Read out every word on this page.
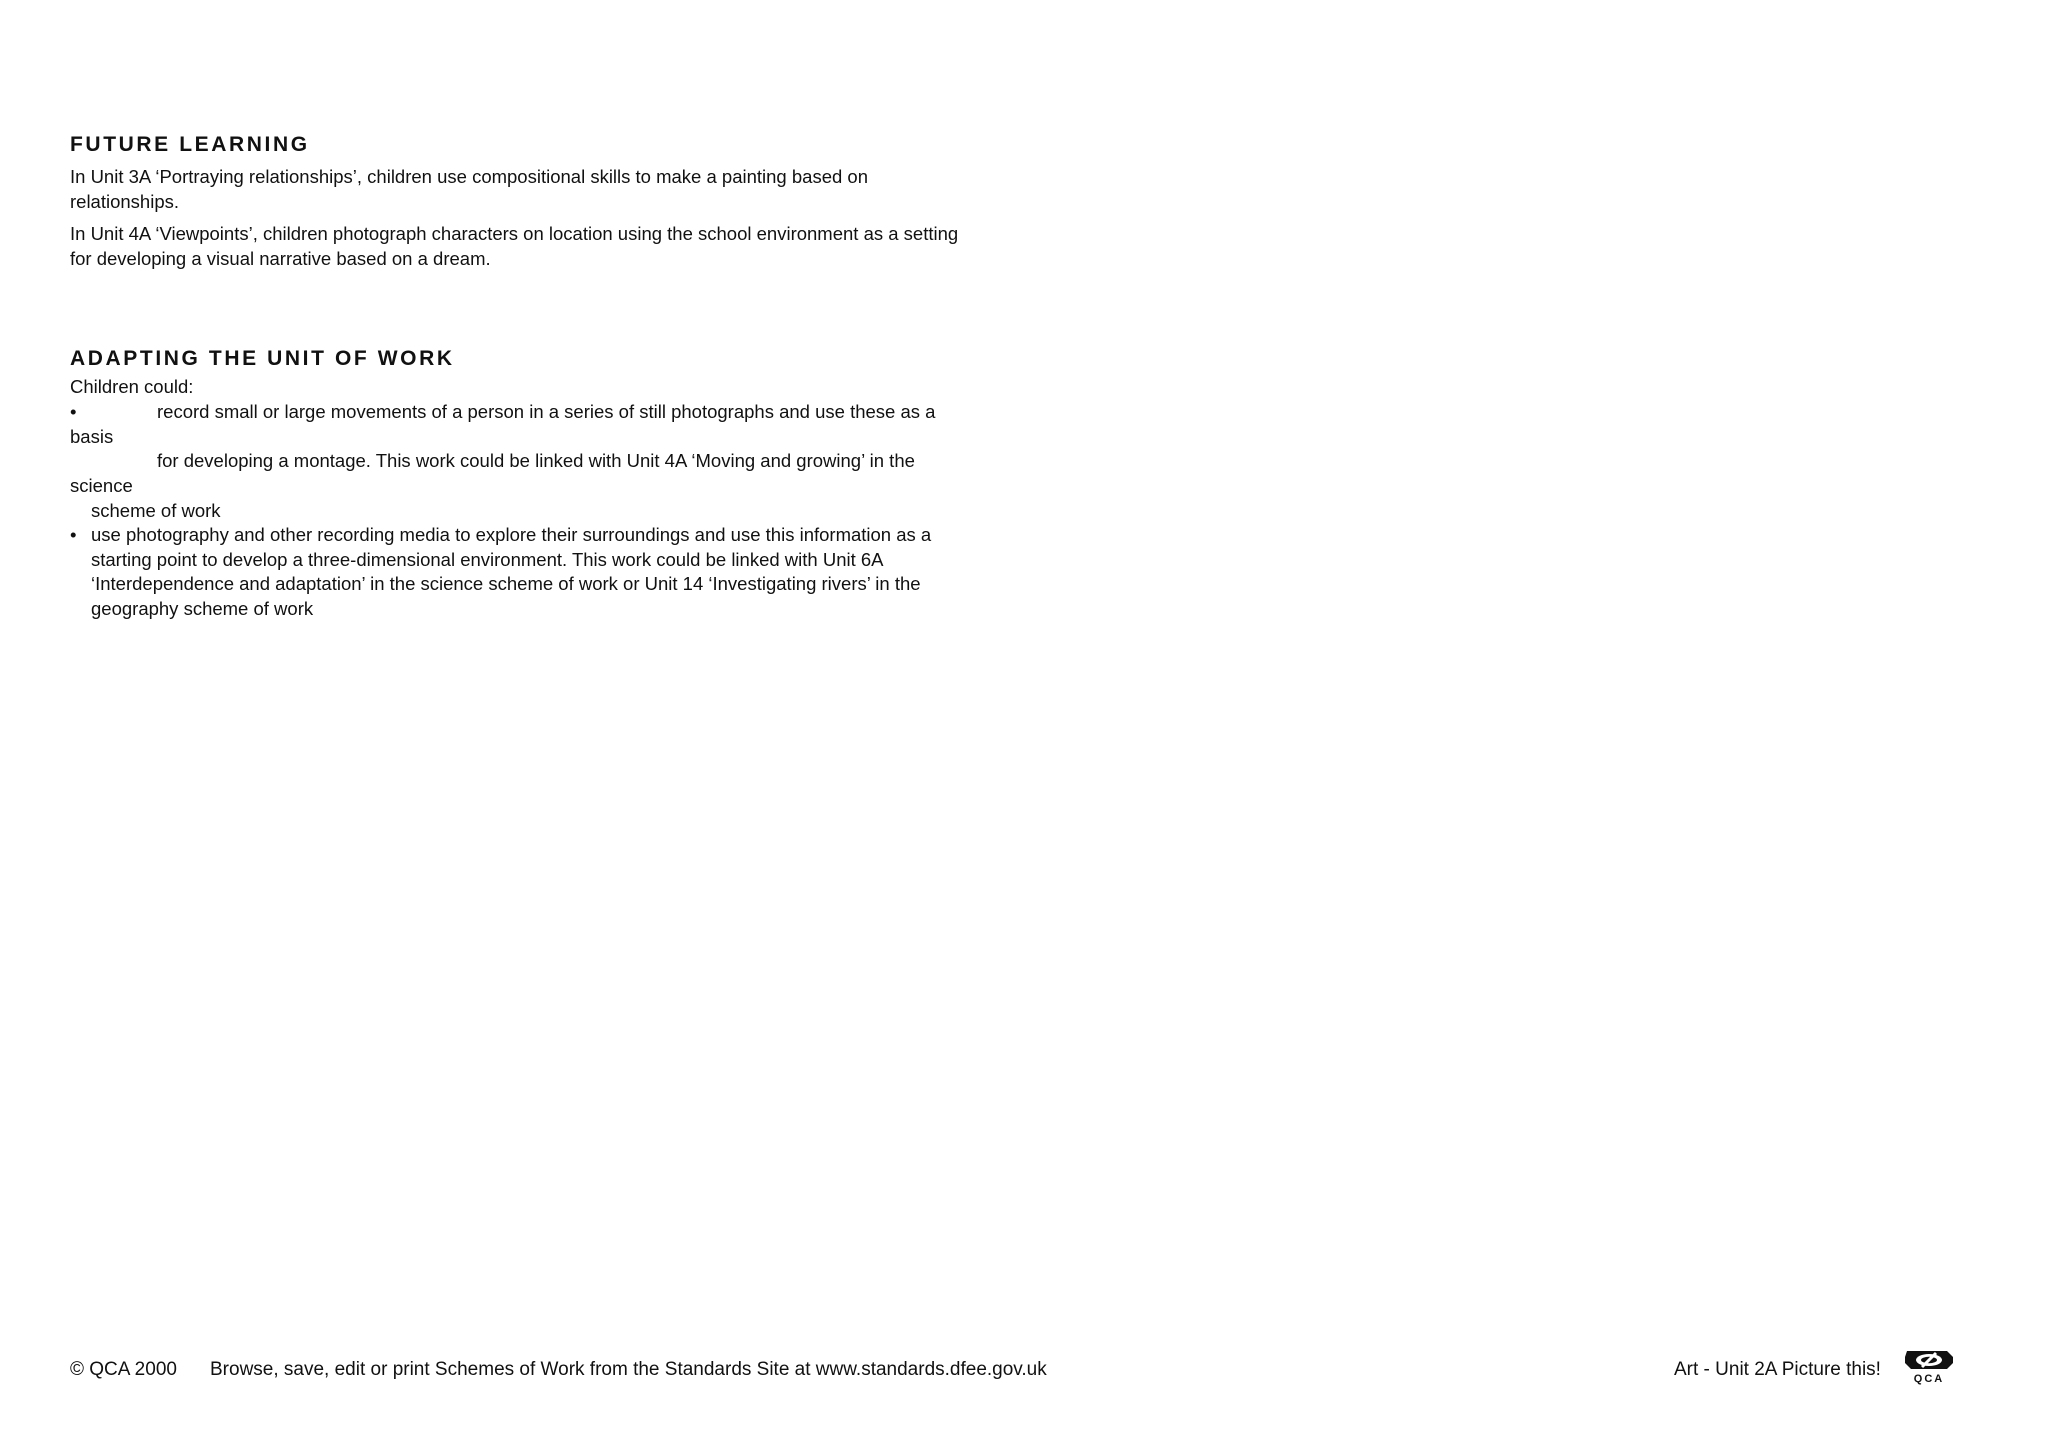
FUTURE LEARNING

In Unit 3A ‘Portraying relationships’, children use compositional skills to make a painting based on

relationships.

In Unit 4A ‘Viewpoints’, children photograph characters on location using the school environment as a setting

for developing a visual narrative based on a dream.

ADAPTING THE UNIT OF WORK

Children could:

•	record small or large movements of a person in a series of still photographs and use these as a

basis

for developing a montage. This work could be linked with Unit 4A ‘Moving and growing’ in the

science

scheme of work

• use photography and other recording media to explore their surroundings and use this information as a

starting point to develop a three-dimensional environment. This work could be linked with Unit 6A

‘Interdependence and adaptation’ in the science scheme of work or Unit 14 ‘Investigating rivers’ in the

geography scheme of work

© QCA 2000 Browse, save, edit or print Schemes of Work from the Standards Site at www.standards.dfee.gov.uk	Art - Unit 2A Picture this!	QCA
